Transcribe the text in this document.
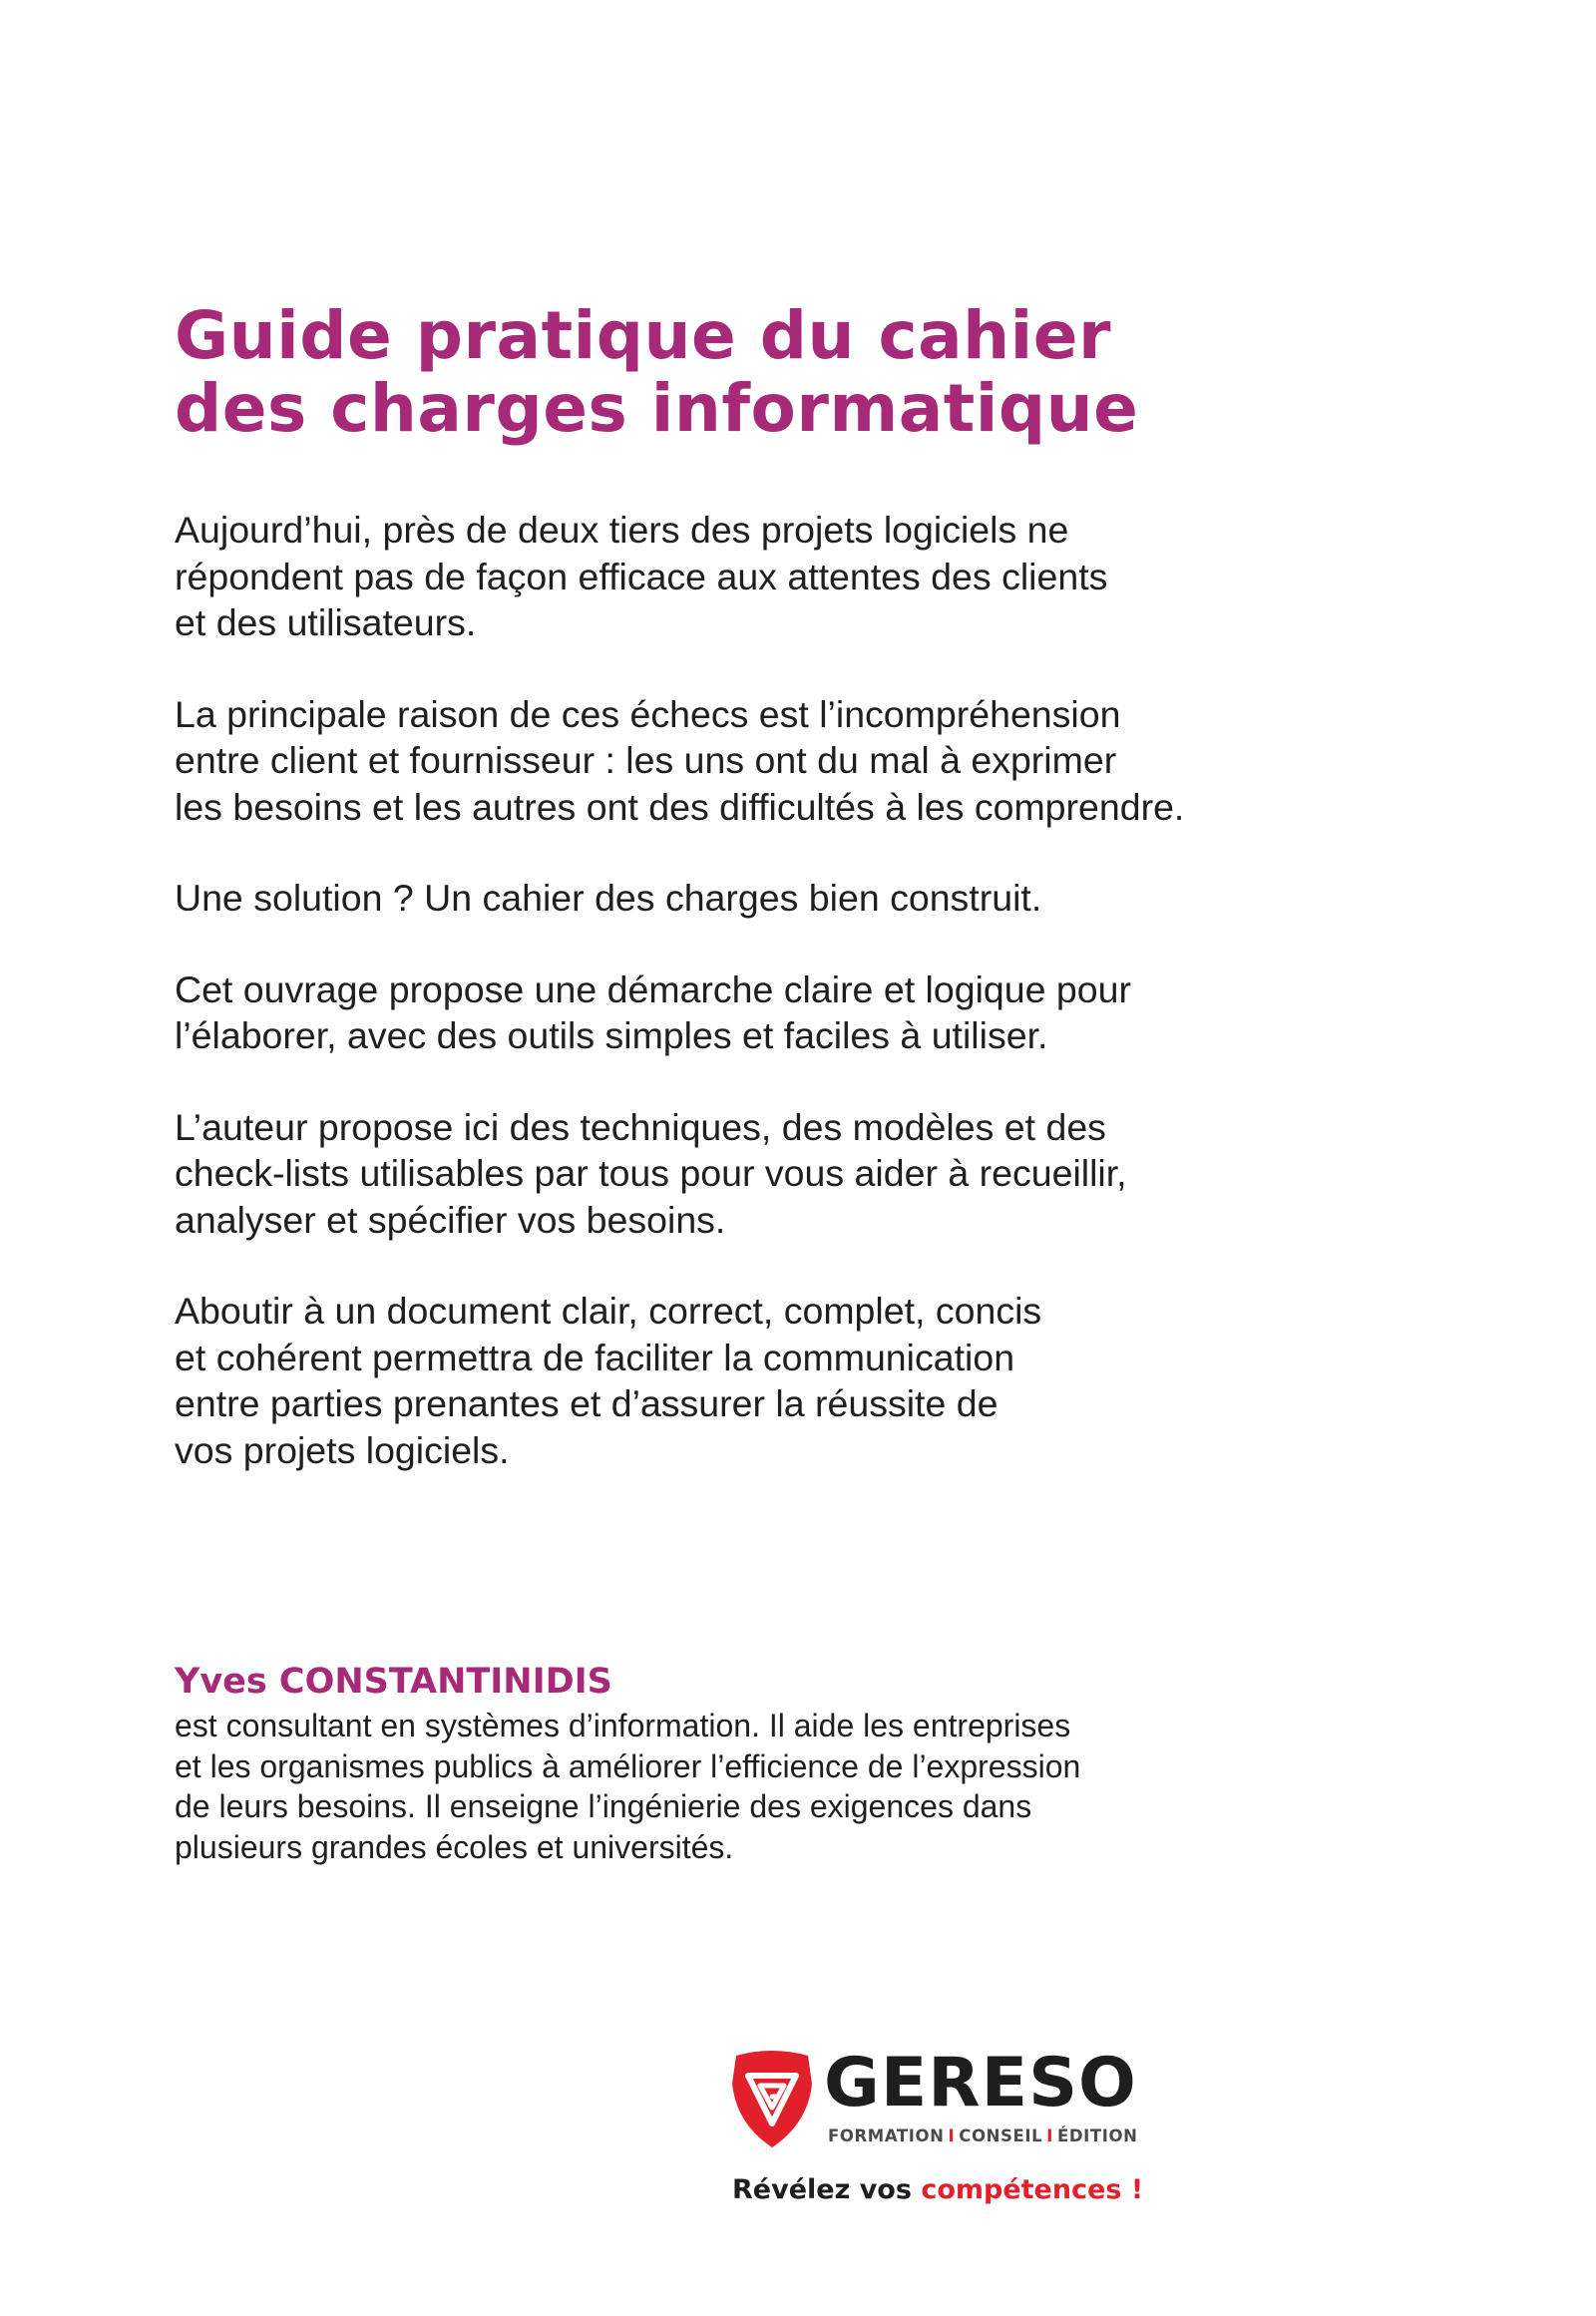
Guide pratique du cahier
des charges informatique

Aujourd’hui, près de deux tiers des projets logiciels ne
répondent pas de façon efficace aux attentes des clients
et des utilisateurs.

La principale raison de ces échecs est l’incompréhension
entre client et fournisseur : les uns ont du mal à exprimer
les besoins et les autres ont des difficultés à les comprendre.

Une solution ? Un cahier des charges bien construit.

Cet ouvrage propose une démarche claire et logique pour
l’élaborer, avec des outils simples et faciles à utiliser.

L’auteur propose ici des techniques, des modèles et des
check-lists utilisables par tous pour vous aider à recueillir,
analyser et spécifier vos besoins.

Aboutir à un document clair, correct, complet, concis
et cohérent permettra de faciliter la communication
entre parties prenantes et d’assurer la réussite de
vos projets logiciels.

Yves CONSTANTINIDIS

est consultant en systèmes d’information. Il aide les entreprises
et les organismes publics à améliorer l’efficience de l’expression
de leurs besoins. Il enseigne l’ingénierie des exigences dans
plusieurs grandes écoles et universités.

GERESO
FORMATION I CONSEIL I ÉDITION
Révélez vos compétences !
